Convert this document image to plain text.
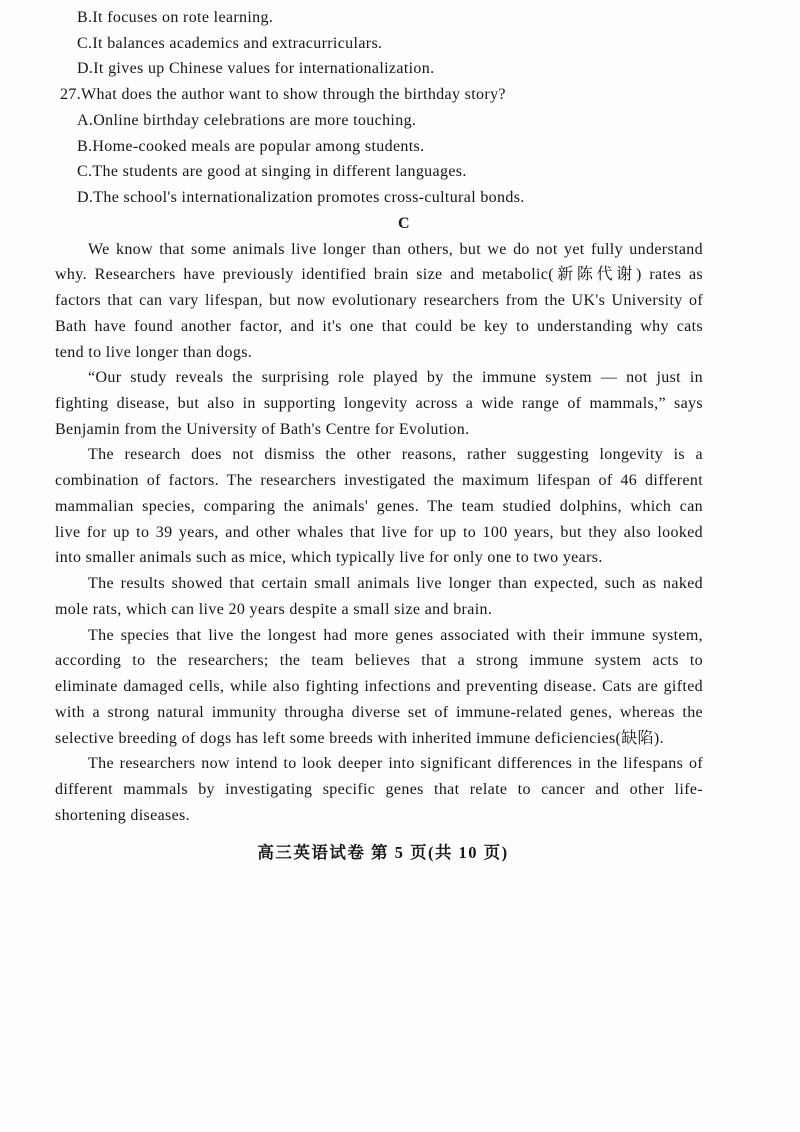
B.It focuses on rote learning.
C.It balances academics and extracurriculars.
D.It gives up Chinese values for internationalization.
27.What does the author want to show through the birthday story?
A.Online birthday celebrations are more touching.
B.Home-cooked meals are popular among students.
C.The students are good at singing in different languages.
D.The school's internationalization promotes cross-cultural bonds.
C
We know that some animals live longer than others, but we do not yet fully understand
why. Researchers have previously identified brain size and metabolic(新陈代谢) rates as
factors that can vary lifespan, but now evolutionary researchers from the UK's University of
Bath have found another factor, and it's one that could be key to understanding why cats
tend to live longer than dogs.
“Our study reveals the surprising role played by the immune system — not just in
fighting disease, but also in supporting longevity across a wide range of mammals,” says
Benjamin from the University of Bath's Centre for Evolution.
The research does not dismiss the other reasons, rather suggesting longevity is a
combination of factors. The researchers investigated the maximum lifespan of 46 different
mammalian species, comparing the animals' genes. The team studied dolphins, which can
live for up to 39 years, and other whales that live for up to 100 years, but they also looked
into smaller animals such as mice, which typically live for only one to two years.
The results showed that certain small animals live longer than expected, such as naked
mole rats, which can live 20 years despite a small size and brain.
The species that live the longest had more genes associated with their immune system,
according to the researchers; the team believes that a strong immune system acts to
eliminate damaged cells, while also fighting infections and preventing disease. Cats are gifted
with a strong natural immunity througha diverse set of immune-related genes, whereas the
selective breeding of dogs has left some breeds with inherited immune deficiencies(缺陷).
The researchers now intend to look deeper into significant differences in the lifespans of
different mammals by investigating specific genes that relate to cancer and other life-
shortening diseases.
高三英语试卷 第 5 页(共 10 页)
